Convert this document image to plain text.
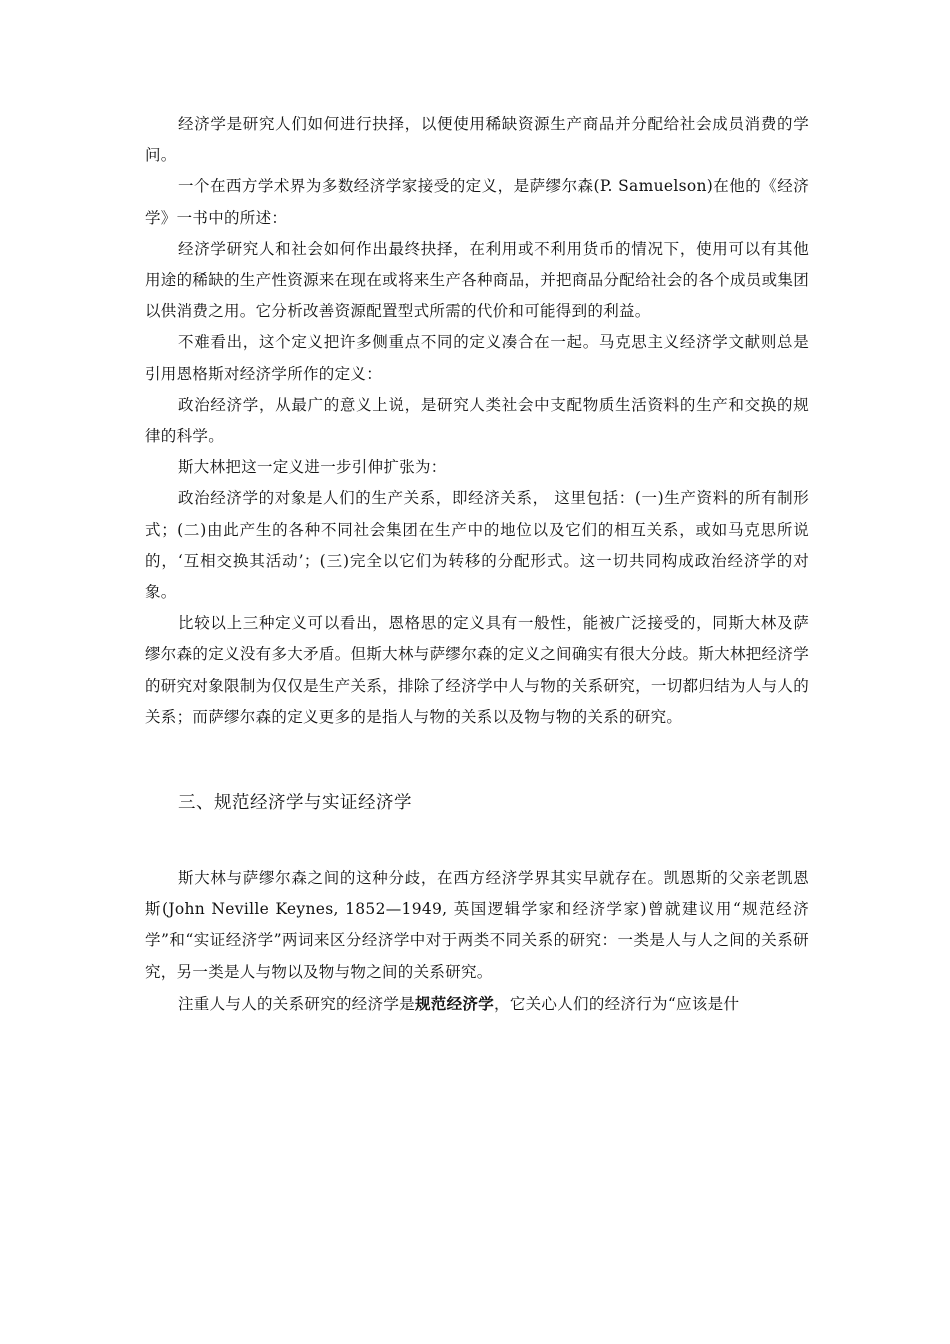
经济学是研究人们如何进行抉择，以便使用稀缺资源生产商品并分配给社会成员消费的学问。

一个在西方学术界为多数经济学家接受的定义，是萨缪尔森(P. Samuelson)在他的《经济学》一书中的所述：

经济学研究人和社会如何作出最终抉择，在利用或不利用货币的情况下，使用可以有其他用途的稀缺的生产性资源来在现在或将来生产各种商品，并把商品分配给社会的各个成员或集团以供消费之用。它分析改善资源配置型式所需的代价和可能得到的利益。

不难看出，这个定义把许多侧重点不同的定义凑合在一起。马克思主义经济学文献则总是引用恩格斯对经济学所作的定义：

政治经济学，从最广的意义上说，是研究人类社会中支配物质生活资料的生产和交换的规律的科学。

斯大林把这一定义进一步引伸扩张为：

政治经济学的对象是人们的生产关系，即经济关系， 这里包括：(一)生产资料的所有制形式；(二)由此产生的各种不同社会集团在生产中的地位以及它们的相互关系，或如马克思所说的，‘互相交换其活动’；(三)完全以它们为转移的分配形式。这一切共同构成政治经济学的对象。

比较以上三种定义可以看出，恩格思的定义具有一般性，能被广泛接受的，同斯大林及萨缪尔森的定义没有多大矛盾。但斯大林与萨缪尔森的定义之间确实有很大分歧。斯大林把经济学的研究对象限制为仅仅是生产关系，排除了经济学中人与物的关系研究，一切都归结为人与人的关系；而萨缪尔森的定义更多的是指人与物的关系以及物与物的关系的研究。

三、规范经济学与实证经济学

斯大林与萨缪尔森之间的这种分歧，在西方经济学界其实早就存在。凯恩斯的父亲老凯恩斯(John Neville Keynes, 1852—1949, 英国逻辑学家和经济学家)曾就建议用“规范经济学”和“实证经济学”两词来区分经济学中对于两类不同关系的研究：一类是人与人之间的关系研究，另一类是人与物以及物与物之间的关系研究。

注重人与人的关系研究的经济学是规范经济学，它关心人们的经济行为“应该是什
